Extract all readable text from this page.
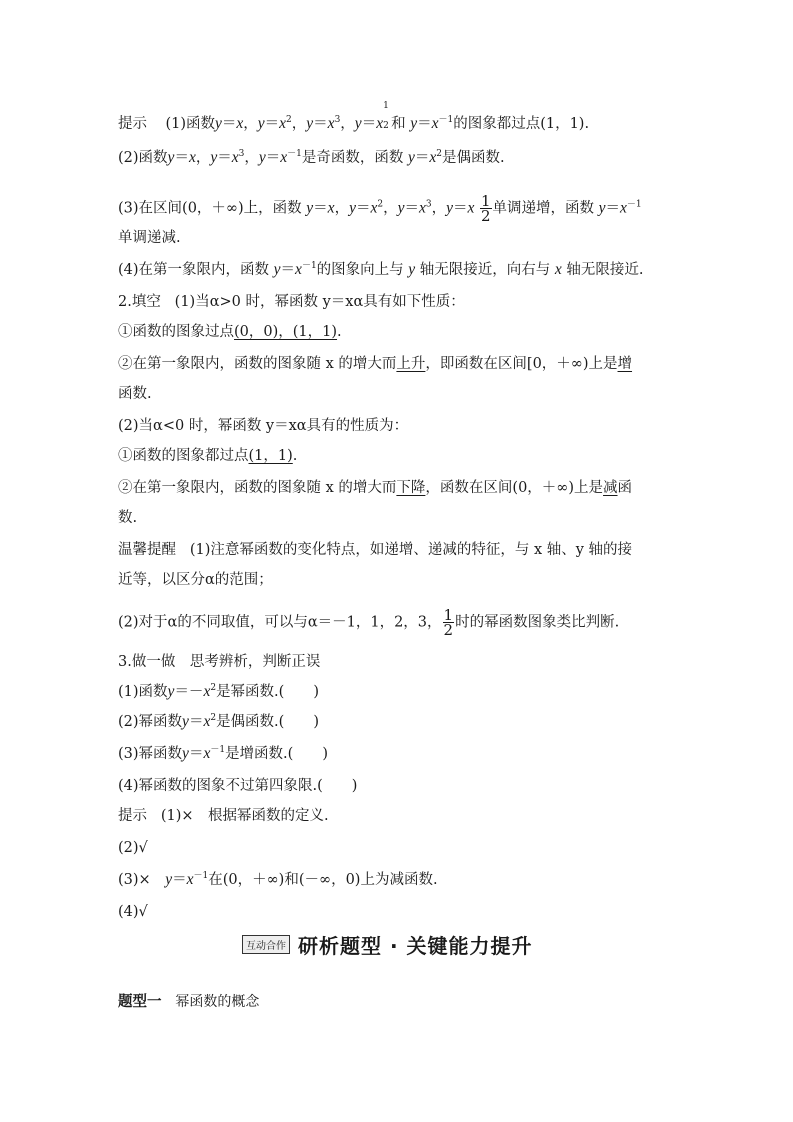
提示 (1)函数y＝x，$y=x^2$，$y=x^3$，y＝x
1
2 和 $y=x^{-1}$的图象都过点(1，1).
(2)函数y＝x，$y=x^3$，$y=x^{-1}$是奇函数，函数 $y=x^2$是偶函数.
(3)在区间(0，＋∞)上，函数 y＝x，$y=x^2$，$y=x^3$，$y=x \frac{1}{2}$ 单调递增，函数 $y=x^{-1}$
单调递减.
(4)在第一象限内，函数 $y=x^{-1}$的图象向上与 y 轴无限接近，向右与 x 轴无限接近.
2.填空 (1)当α>0 时，幂函数 y＝xα具有如下性质：
①函数的图象过点(0，0)，(1，1).
②在第一象限内，函数的图象随 x 的增大而上升，即函数在区间[0，＋∞)上是增
函数.
(2)当α<0 时，幂函数 y＝xα具有的性质为：
①函数的图象都过点(1，1).
②在第一象限内，函数的图象随 x 的增大而下降，函数在区间(0，＋∞)上是减函
数.
温馨提醒 (1)注意幂函数的变化特点，如递增、递减的特征，与 x 轴、y 轴的接
近等，以区分α的范围；
(2)对于α的不同取值，可以与α＝－1，1，2，3， $\frac{1}{2}$ 时的幂函数图象类比判断.
3.做一做　思考辨析，判断正误
(1)函数$y=-x^2$是幂函数.(　　)
(2)幂函数$y=x^2$是偶函数.(　　)
(3)幂函数$y=x^{-1}$是增函数.(　　)
(4)幂函数的图象不过第四象限.(　　)
提示 (1)×　根据幂函数的定义.
(2)√
(3)×　$y=x^{-1}$在(0，＋∞)和(－∞，0)上为减函数.
(4)√
互动合作 研析题型 · 关键能力提升
题型一 幂函数的概念
